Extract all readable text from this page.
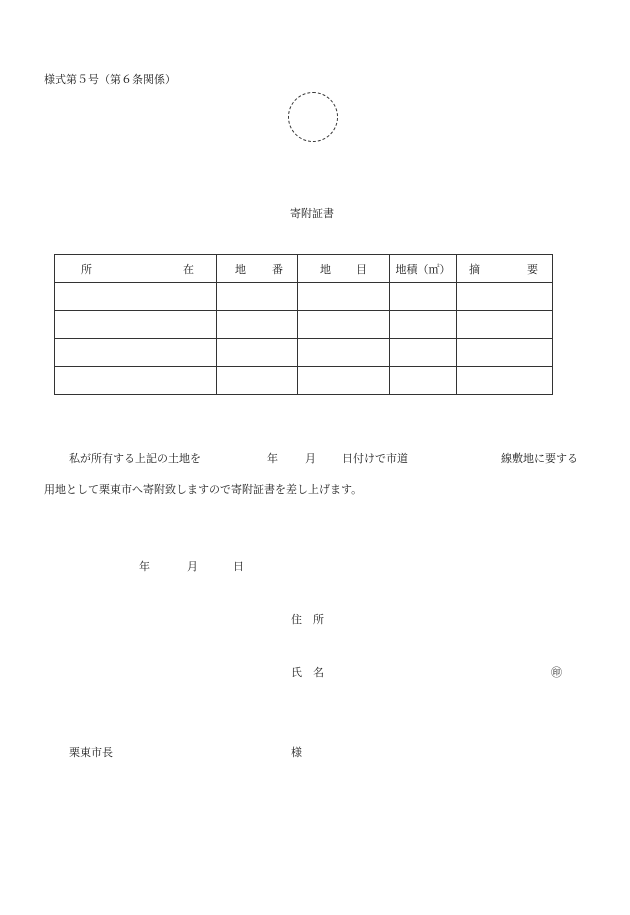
様式第５号（第６条関係）
寄附証書
所 在	地 番	地 目	地積（㎡）	摘 要

私が所有する上記の土地を	年 月 日付けで市道	線敷地に要する
用地として栗東市へ寄附致しますので寄附証書を差し上げます。
年	月	日
住　所
氏　名	㊞
栗東市長	様
